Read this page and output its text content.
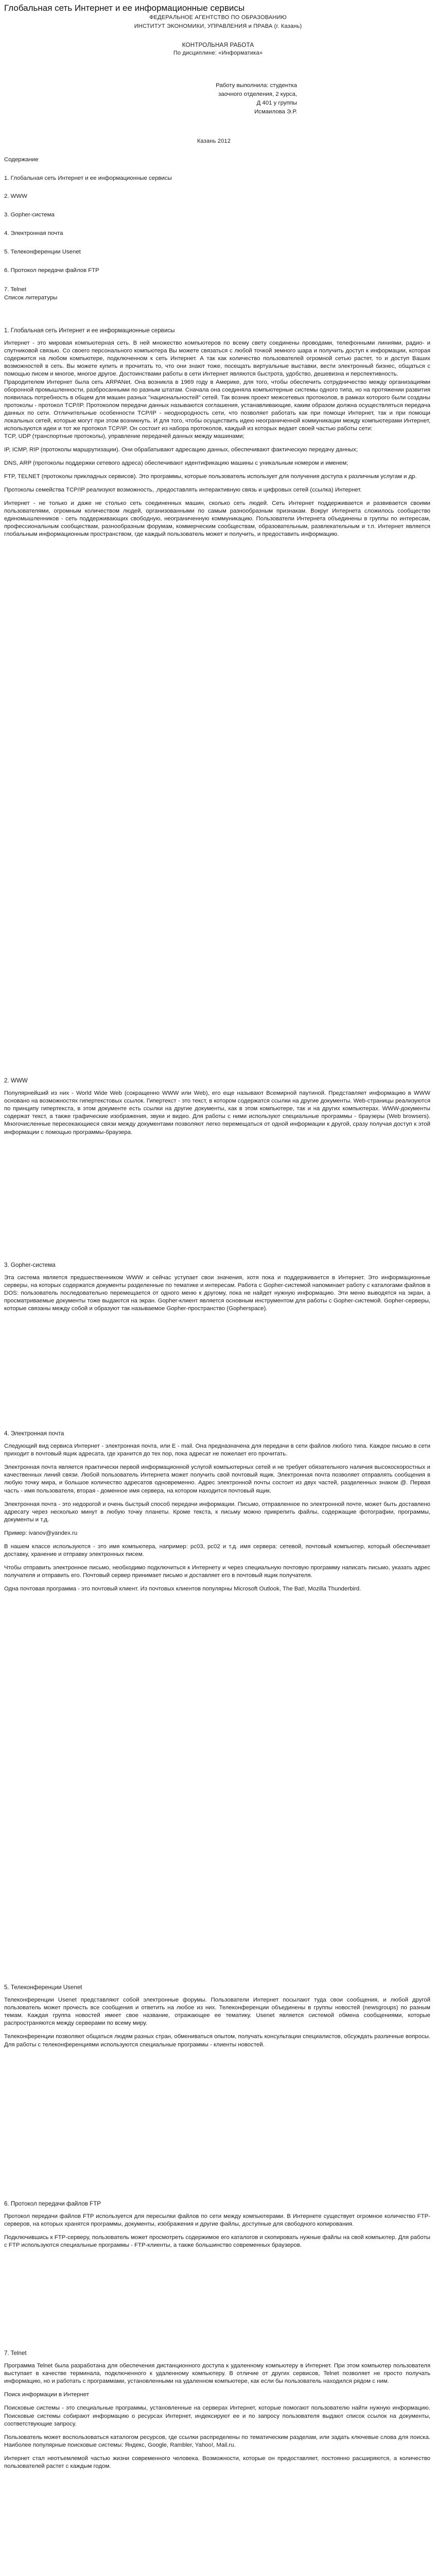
Глобальная сеть Интернет и ее информационные сервисы
ФЕДЕРАЛЬНОЕ АГЕНТСТВО ПО ОБРАЗОВАНИЮ
ИНСТИТУТ ЭКОНОМИКИ, УПРАВЛЕНИЯ и ПРАВА (г. Казань)
КОНТРОЛЬНАЯ РАБОТА
По дисциплине: «Информатика»
Работу выполнила: студентка
заочного отделения, 2 курса,
Д 401 у группы
Исмаилова Э.Р.
Казань 2012
Содержание
1. Глобальная сеть Интернет и ее информационные сервисы
2. WWW
3. Gopher-система
4. Электронная почта
5. Телеконференции Usenet
6. Протокол передачи файлов FTP
7. Telnet
Список литературы
1. Глобальная сеть Интернет и ее информационные сервисы

Интернет - это мировая компьютерная сеть. В ней множество компьютеров по всему свету соединены проводами, телефонными линиями, радио- и спутниковой связью. Со своего персонального компьютера Вы можете связаться с любой точкой земного шара и получить доступ к информации, которая содержится на любом компьютере, подключенном к сеть Интернет. А так как количество пользователей огромной сетью растет, то и доступ Ваших возможностей в сеть. Вы можете купить и прочитать то, что они знают тоже, посещать виртуальные выставки, вести электронный бизнес, общаться с помощью писем и многое, многое другое. Достоинствами работы в сети Интернет являются быстрота, удобство, дешевизна и перспективность.

Прародителем Интернет была сеть ARPANet. Она возникла в 1969 году в Америке, для того, чтобы обеспечить сотрудничество между организациями оборонной промышленности, разбросанными по разным штатам. Сначала она соединяла компьютерные системы одного типа, но на протяжении развития появилась потребность в общем для машин разных "национальностей" сетей. Так возник проект межсетевых протоколов, в рамках которого были созданы протоколы - протокол TCP/IP. Протоколом передачи данных называются соглашения, устанавливающие, каким образом должна осуществляться передача данных по сети. Отличительные особенности TCP/IP - неоднородность сети, что позволяет работать как при помощи Интернет, так и при помощи локальных сетей, которые могут при этом возникнуть. И для того, чтобы осуществить идею неограниченной коммуникации между компьютерами Интернет, используются идеи и тот же протокол TCP/IP. Он состоит из набора протоколов, каждый из которых ведает своей частью работы сети:

TCP, UDP (транспортные протоколы), управление передачей данных между машинами;

IP, ICMP, RIP (протоколы маршрутизации). Они обрабатывают адресацию данных, обеспечивают фактическую передачу данных;

DNS, ARP (протоколы поддержки сетевого адреса) обеспечивают идентификацию машины с уникальным номером и именем;

FTP, TELNET (протоколы прикладных сервисов). Это программы, которые пользователь использует для получения доступа к различным услугам и др.

Протоколы семейства TCP/IP реализуют возможность, ,предоставлять интерактивную связь и цифровых сетей (ссылка) Интернет.

Интернет - не только и даже не столько сеть соединенных машин, сколько сеть людей. Сеть Интернет поддерживается и развивается своими пользователями, огромным количеством людей, организованными по самым разнообразным признакам. Вокруг Интернета сложилось сообщество единомышленников - сеть поддерживающих свободную, неограниченную коммуникацию. Пользователи Интернета объединены в группы по интересам, профессиональным сообществам, разнообразным форумам, коммерческим сообществам, образовательным, развлекательным и т.п. Интернет является глобальным информационным пространством, где каждый пользователь может и получить, и предоставить информацию.

2. WWW

Популярнейший из них - World Wide Web (сокращенно WWW или Web), его еще называют Всемирной паутиной. Представляет информацию в WWW основано на возможностях гипертекстовых ссылок. Гипертекст - это текст, в котором содержатся ссылки на другие документы. Web-страницы реализуются по принципу гипертекста, в этом документе есть ссылки на другие документы, как в этом компьютере, так и на других компьютерах. WWW-документы содержат текст, а также графические изображения, звуки и видео. Для работы с ними используют специальные программы - браузеры (Web browsers). Многочисленные пересекающиеся связи между документами позволяют легко перемещаться от одной информации к другой, сразу получая доступ к этой информации с помощью программы-браузера.

3. Gopher-система

Эта система является предшественником WWW и сейчас уступает свои значения, хотя пока и поддерживается в Интернет. Это информационные серверы, на которых содержатся документы разделенные по тематике и интересам. Работа с Gopher-системой напоминает работу с каталогами файлов в DOS: пользователь последовательно перемещается от одного меню к другому, пока не найдет нужную информацию. Эти меню выводятся на экран, а просматриваемые документы тоже выдаются на экран. Gopher-клиент является основным инструментом для работы с Gopher-системой. Gopher-серверы, которые связаны между собой и образуют так называемое Gopher-пространство (Gopherspace).

4. Электронная почта

Следующий вид сервиса Интернет - электронная почта, или E - mail. Она предназначена для передачи в сети файлов любого типа. Каждое письмо в сети приходит в почтовый ящик адресата, где хранится до тех пор, пока адресат не пожелает его прочитать.

Электронная почта является практически первой информационной услугой компьютерных сетей и не требует обязательного наличия высокоскоростных и качественных линий связи. Любой пользователь Интернета может получить свой почтовый ящик. Электронная почта позволяет отправлять сообщения в любую точку мира, и большое количество адресатов одновременно. Адрес электронной почты состоит из двух частей, разделенных знаком @. Первая часть - имя пользователя, вторая - доменное имя сервера, на котором находится почтовый ящик.

Электронная почта - это недорогой и очень быстрый способ передачи информации. Письмо, отправленное по электронной почте, может быть доставлено адресату через несколько минут в любую точку планеты. Кроме текста, к письму можно прикрепить файлы, содержащие фотографии, программы, документы и т.д.

Пример: ivanov@yandex.ru

В нашем классе используются - это имя компьютера, например: pc03, pc02 и т.д. имя сервера: сетевой, почтовый компьютер, который обеспечивает доставку, хранение и отправку электронных писем.

Чтобы отправить электронное письмо, необходимо подключиться к Интернету и через специальную почтовую программу написать письмо, указать адрес получателя и отправить его. Почтовый сервер принимает письмо и доставляет его в почтовый ящик получателя.

Одна почтовая программа - это почтовый клиент. Из почтовых клиентов популярны Microsoft Outlook, The Bat!, Mozilla Thunderbird.

5. Телеконференции Usenet

Телеконференции Usenet представляют собой электронные форумы. Пользователи Интернет посылают туда свои сообщения, и любой другой пользователь может прочесть все сообщения и ответить на любое из них. Телеконференции объединены в группы новостей (newsgroups) по разным темам. Каждая группа новостей имеет свое название, отражающее ее тематику. Usenet является системой обмена сообщениями, которые распространяются между серверами по всему миру.

Телеконференции позволяют общаться людям разных стран, обмениваться опытом, получать консультации специалистов, обсуждать различные вопросы. Для работы с телеконференциями используются специальные программы - клиенты новостей.

6. Протокол передачи файлов FTP

Протокол передачи файлов FTP используется для пересылки файлов по сети между компьютерами. В Интернете существует огромное количество FTP-серверов, на которых хранятся программы, документы, изображения и другие файлы, доступные для свободного копирования.

Подключившись к FTP-серверу, пользователь может просмотреть содержимое его каталогов и скопировать нужные файлы на свой компьютер. Для работы с FTP используются специальные программы - FTP-клиенты, а также большинство современных браузеров.

7. Telnet

Программа Telnet была разработана для обеспечения дистанционного доступа к удаленному компьютеру в Интернет. При этом компьютер пользователя выступает в качестве терминала, подключенного к удаленному компьютеру. В отличие от других сервисов, Telnet позволяет не просто получать информацию, но и работать с программами, установленными на удаленном компьютере, как если бы пользователь находился рядом с ним.

Поиск информации в Интернет

Поисковые системы - это специальные программы, установленные на серверах Интернет, которые помогают пользователю найти нужную информацию. Поисковые системы собирают информацию о ресурсах Интернет, индексируют ее и по запросу пользователя выдают список ссылок на документы, соответствующие запросу.

Пользователь может воспользоваться каталогом ресурсов, где ссылки распределены по тематическим разделам, или задать ключевые слова для поиска. Наиболее популярные поисковые системы: Яндекс, Google, Rambler, Yahoo!, Mail.ru.

Интернет стал неотъемлемой частью жизни современного человека. Возможности, которые он предоставляет, постоянно расширяются, а количество пользователей растет с каждым годом.
